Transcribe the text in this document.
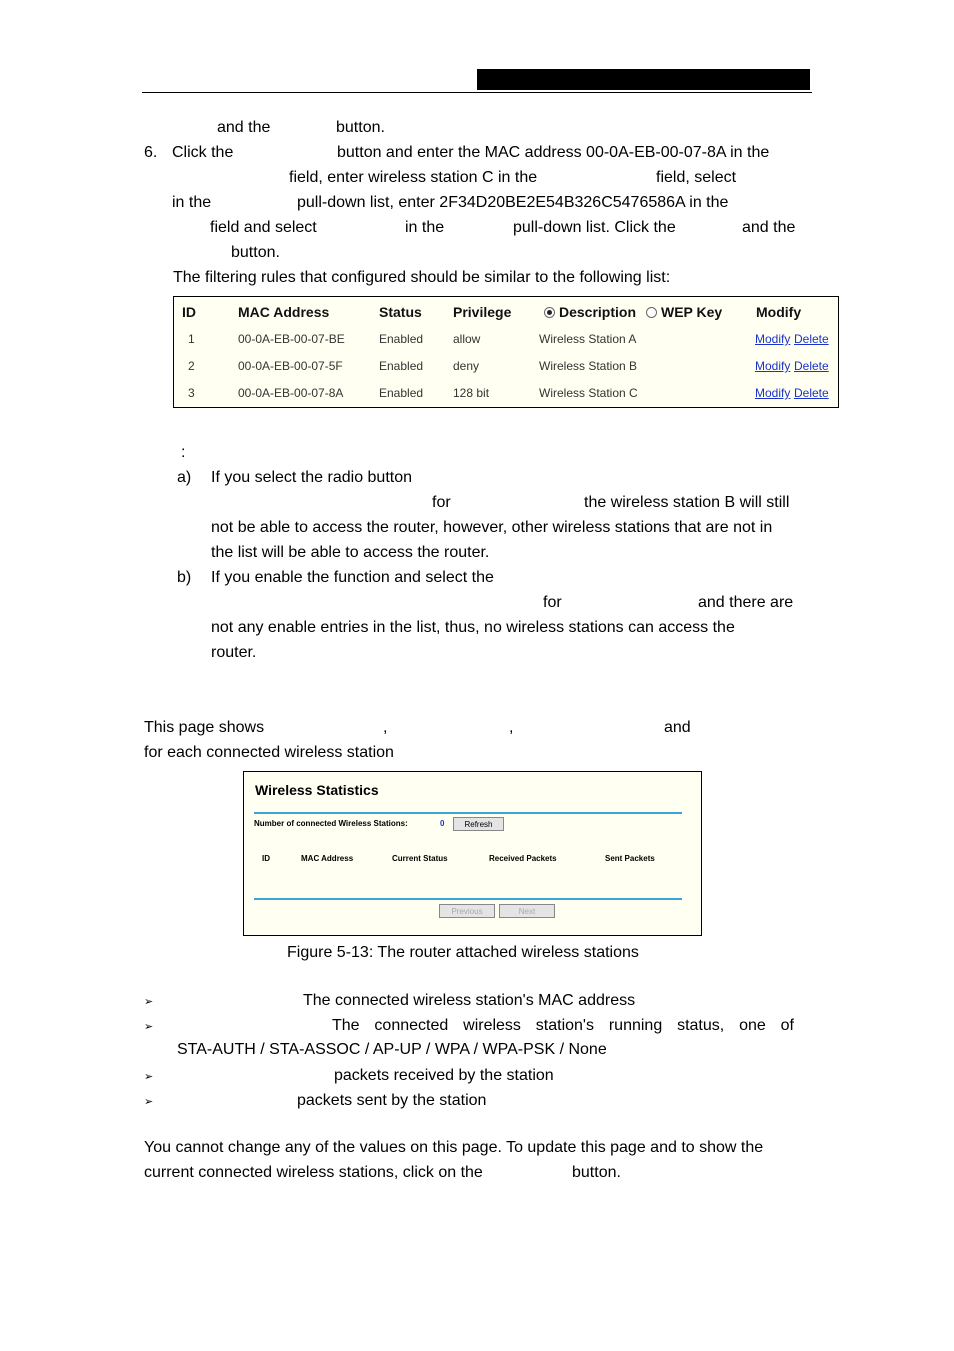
and the	button.
6. Click the	button and enter the MAC address 00-0A-EB-00-07-8A in the
field, enter wireless station C in the	field, select
in the	pull-down list, enter 2F34D20BE2E54B326C5476586A in the
field and select	in the	pull-down list. Click the	and the
button.
The filtering rules that configured should be similar to the following list:
ID	MAC Address	Status Privilege	Description	WEP Key Modify
1	00-0A-EB-00-07-BE	Enabled allow	Wireless Station A	Modify Delete
2	00-0A-EB-00-07-5F	Enabled deny	Wireless Station B	Modify Delete
3	00-0A-EB-00-07-8A	Enabled 128 bit	Wireless Station C	Modify Delete
:
a) If you select the radio button
for	the wireless station B will still
not be able to access the router, however, other wireless stations that are not in
the list will be able to access the router.
b) If you enable the function and select the
for	and there are
not any enable entries in the list, thus, no wireless stations can access the
router.
This page shows	,	,	and
for each connected wireless station
Wireless Statistics
Number of connected Wireless Stations:	0	Refresh
ID	MAC Address	Current Status	Received Packets	Sent Packets
Previous	Next
Figure 5-13: The router attached wireless stations
➢	The connected wireless station's MAC address
➢	The connected wireless station's running status, one of
STA-AUTH / STA-ASSOC / AP-UP / WPA / WPA-PSK / None
➢	packets received by the station
➢	packets sent by the station
You cannot change any of the values on this page. To update this page and to show the
current connected wireless stations, click on the	button.
